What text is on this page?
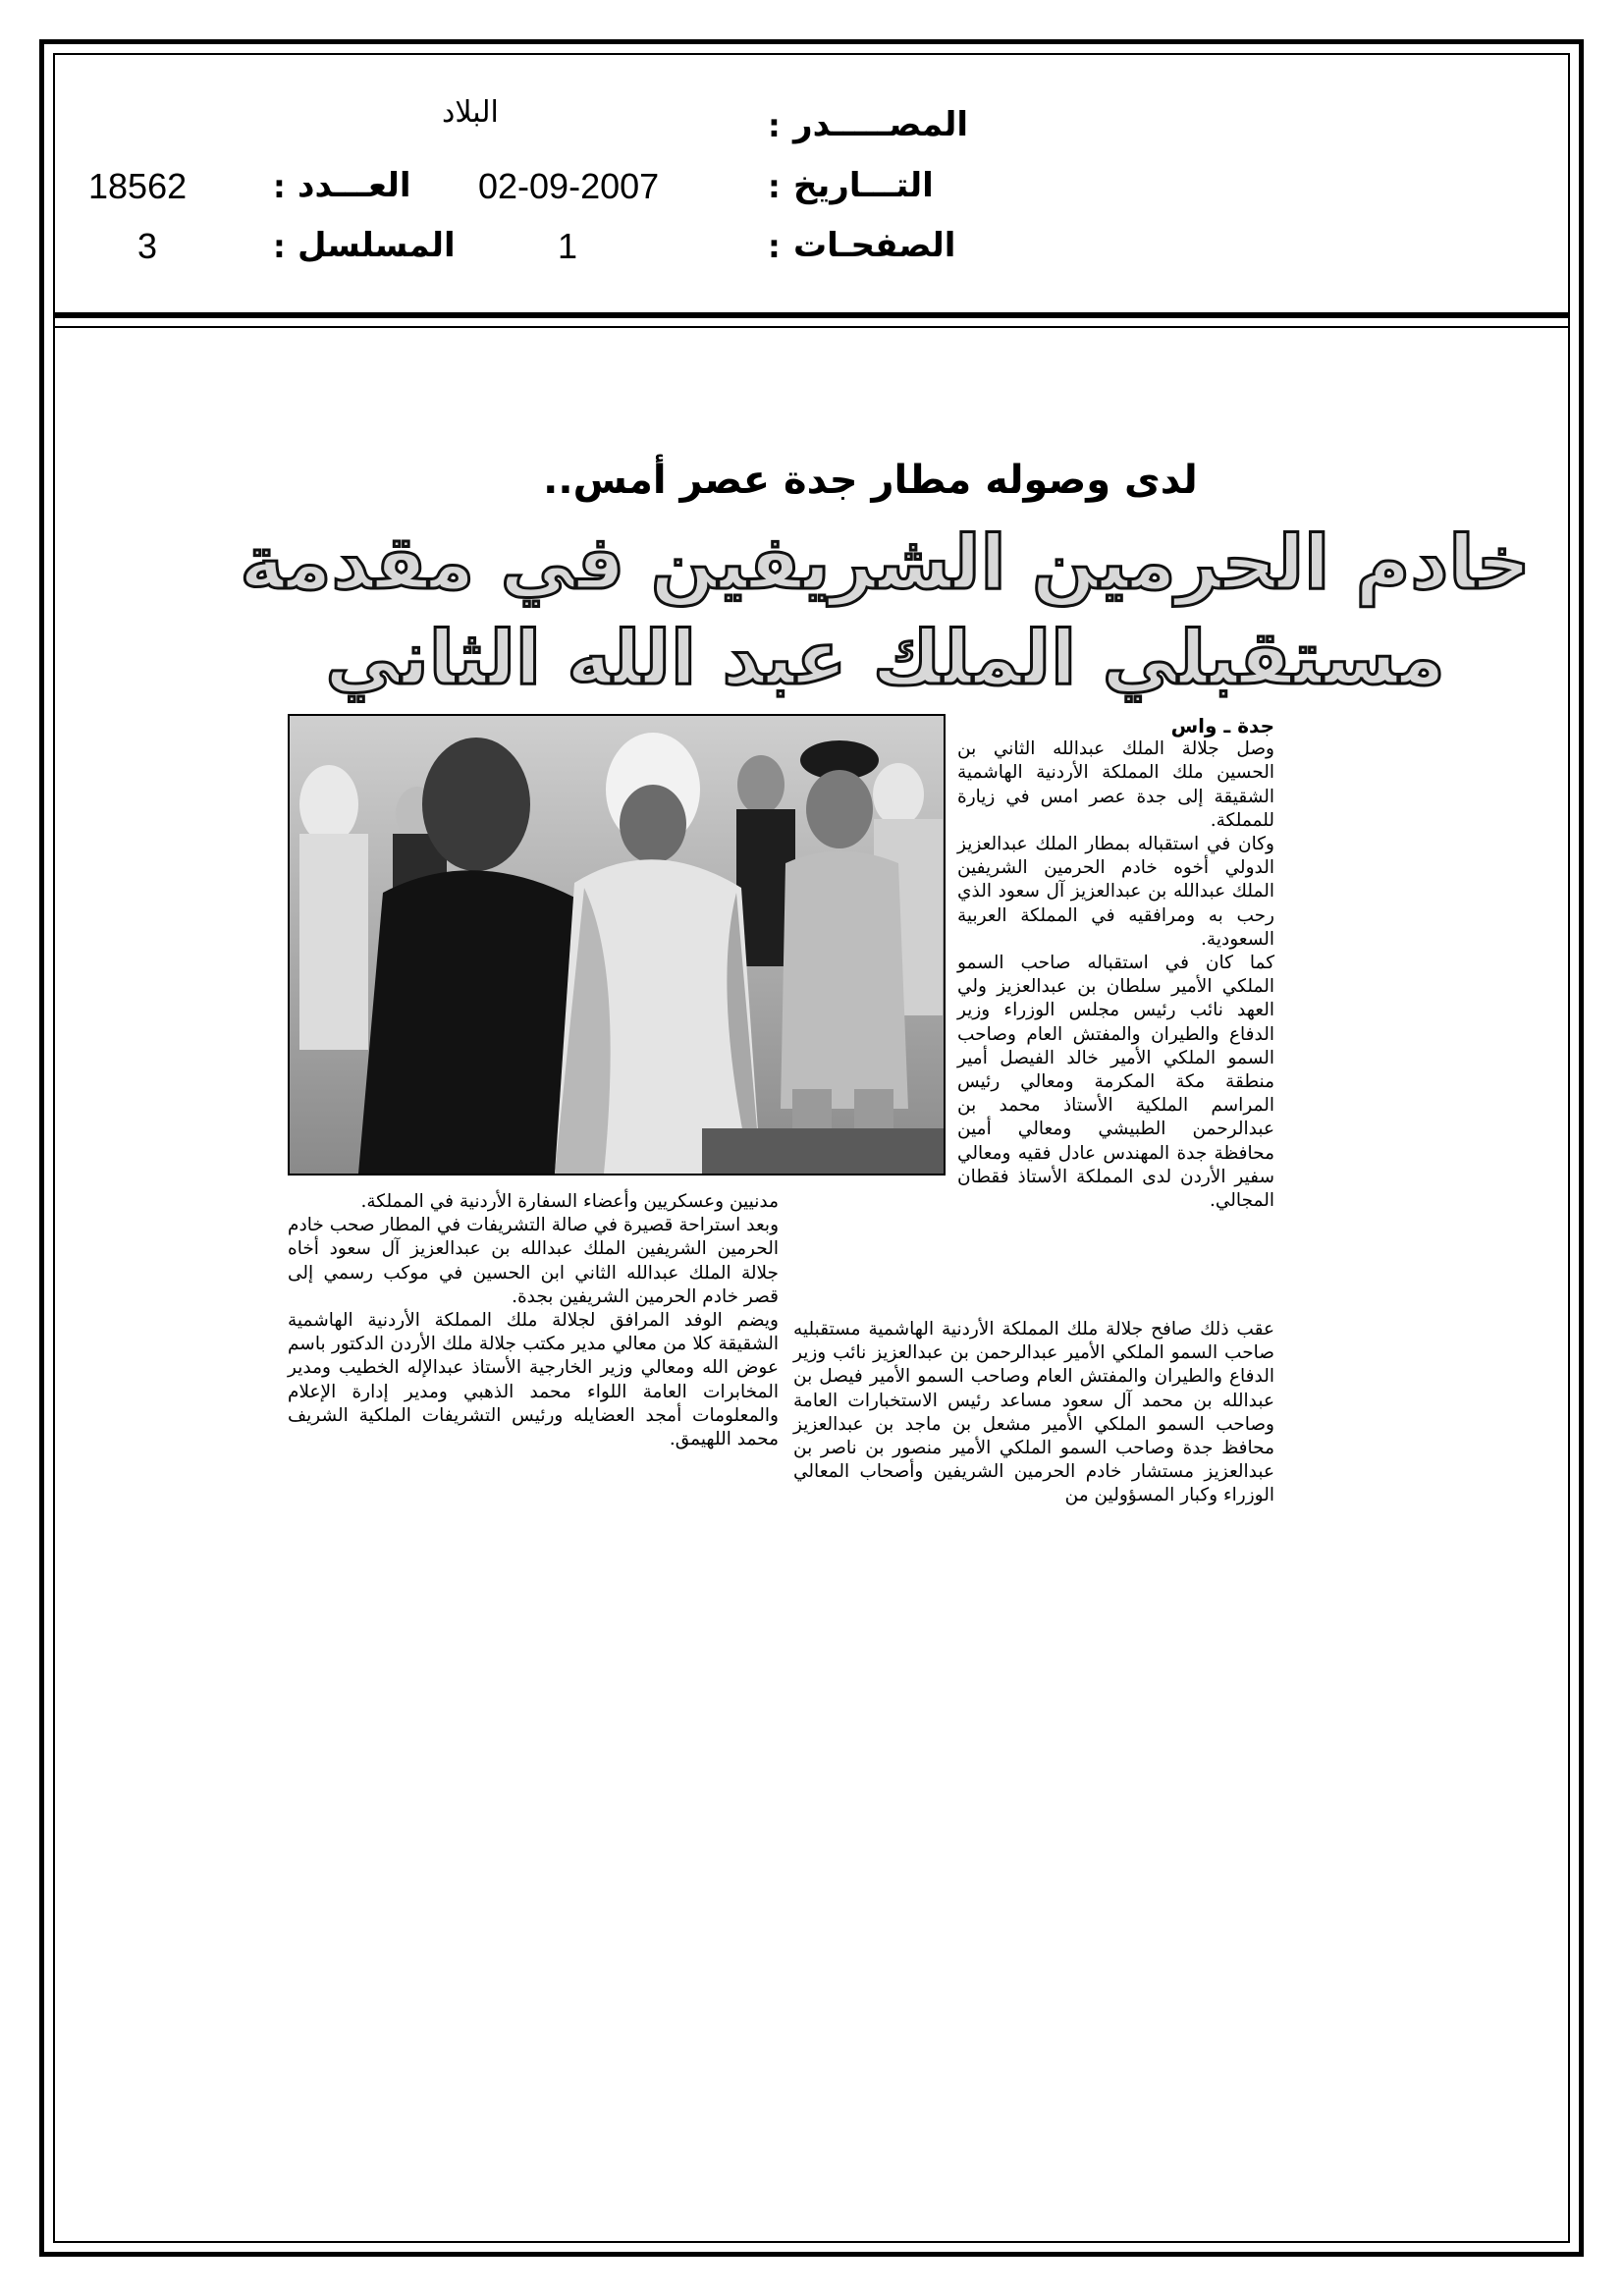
المصـــــدر
:
البلاد
التـــاريخ
:
02-09-2007
العـــدد
:
18562
الصفحـات
:
1
المسلسل
:
3
لدى وصوله مطار جدة عصر أمس..
خادم الحرمين الشريفين في مقدمة
مستقبلي الملك عبد الله الثاني
جدة ـ واس

وصل جلالة الملك عبدالله الثاني بن الحسين ملك المملكة الأردنية الهاشمية الشقيقة إلى جدة عصر امس في زيارة للمملكة.

وكان في استقباله بمطار الملك عبدالعزيز الدولي أخوه خادم الحرمين الشريفين الملك عبدالله بن عبدالعزيز آل سعود الذي رحب به ومرافقيه في المملكة العربية السعودية.

كما كان في استقباله صاحب السمو الملكي الأمير سلطان بن عبدالعزيز ولي العهد نائب رئيس مجلس الوزراء وزير الدفاع والطيران والمفتش العام وصاحب السمو الملكي الأمير خالد الفيصل أمير منطقة مكة المكرمة ومعالي رئيس المراسم الملكية الأستاذ محمد بن عبدالرحمن الطبيشي ومعالي أمين محافظة جدة المهندس عادل فقيه ومعالي سفير الأردن لدى المملكة الأستاذ فقطان المجالي.

عقب ذلك صافح جلالة ملك المملكة الأردنية الهاشمية مستقبليه صاحب السمو الملكي الأمير عبدالرحمن بن عبدالعزيز نائب وزير الدفاع والطيران والمفتش العام وصاحب السمو الأمير فيصل بن عبدالله بن محمد آل سعود مساعد رئيس الاستخبارات العامة وصاحب السمو الملكي الأمير مشعل بن ماجد بن عبدالعزيز محافظ جدة وصاحب السمو الملكي الأمير منصور بن ناصر بن عبدالعزيز مستشار خادم الحرمين الشريفين وأصحاب المعالي الوزراء وكبار المسؤولين من

مدنيين وعسكريين وأعضاء السفارة الأردنية في المملكة.

وبعد استراحة قصيرة في صالة التشريفات في المطار صحب خادم الحرمين الشريفين الملك عبدالله بن عبدالعزيز آل سعود أخاه جلالة الملك عبدالله الثاني ابن الحسين في موكب رسمي إلى قصر خادم الحرمين الشريفين بجدة.

ويضم الوفد المرافق لجلالة ملك المملكة الأردنية الهاشمية الشقيقة كلا من معالي مدير مكتب جلالة ملك الأردن الدكتور باسم عوض الله ومعالي وزير الخارجية الأستاذ عبدالإله الخطيب ومدير المخابرات العامة اللواء محمد الذهبي ومدير إدارة الإعلام والمعلومات أمجد العضايله ورئيس التشريفات الملكية الشريف محمد اللهيمق.
